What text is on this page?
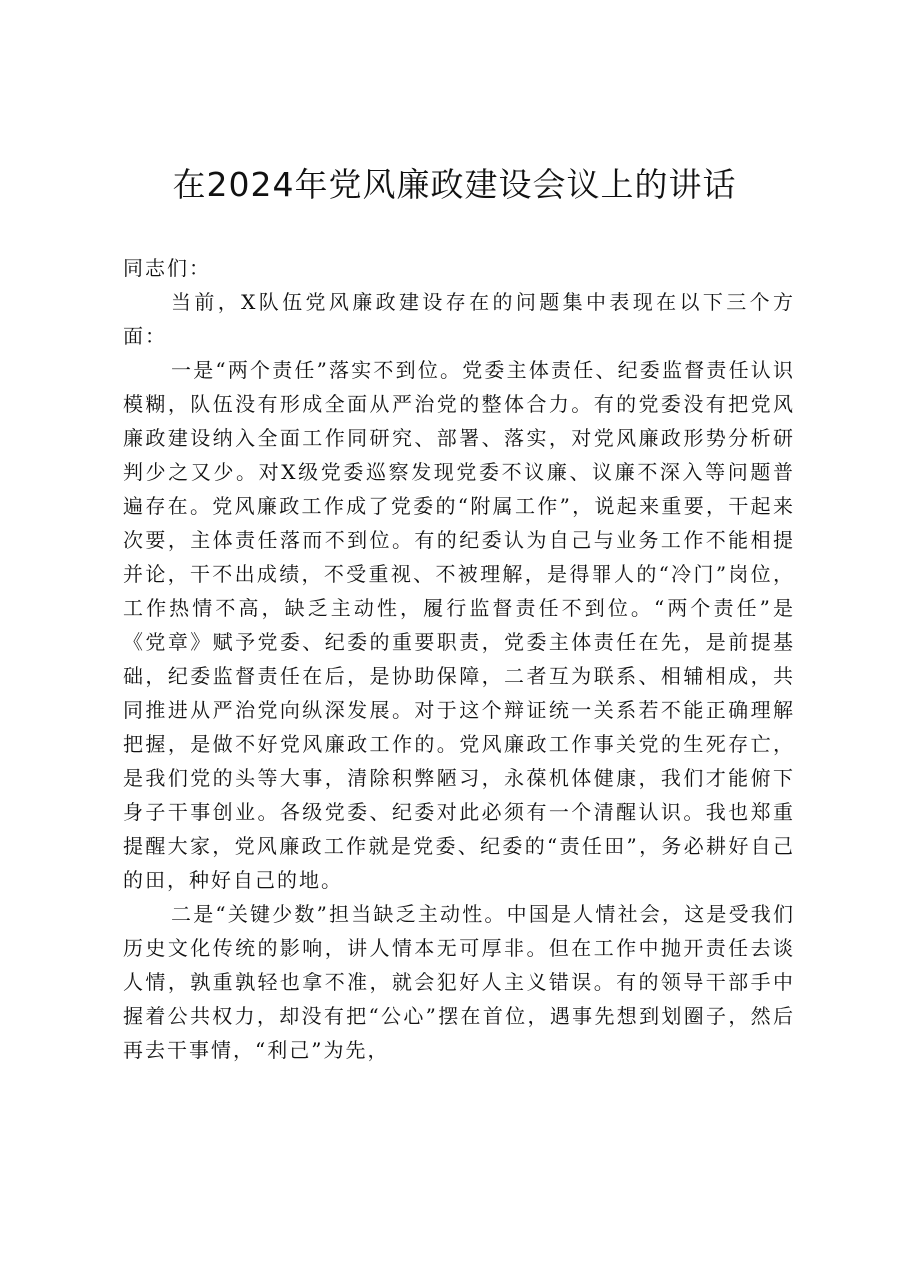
在2024年党风廉政建设会议上的讲话

同志们：

当前，X队伍党风廉政建设存在的问题集中表现在以下三个方面：

一是“两个责任”落实不到位。党委主体责任、纪委监督责任认识模糊，队伍没有形成全面从严治党的整体合力。有的党委没有把党风廉政建设纳入全面工作同研究、部署、落实，对党风廉政形势分析研判少之又少。对X级党委巡察发现党委不议廉、议廉不深入等问题普遍存在。党风廉政工作成了党委的“附属工作”，说起来重要，干起来次要，主体责任落而不到位。有的纪委认为自己与业务工作不能相提并论，干不出成绩，不受重视、不被理解，是得罪人的“冷门”岗位，工作热情不高，缺乏主动性，履行监督责任不到位。“两个责任”是《党章》赋予党委、纪委的重要职责，党委主体责任在先，是前提基础，纪委监督责任在后，是协助保障，二者互为联系、相辅相成，共同推进从严治党向纵深发展。对于这个辩证统一关系若不能正确理解把握，是做不好党风廉政工作的。党风廉政工作事关党的生死存亡，是我们党的头等大事，清除积弊陋习，永葆机体健康，我们才能俯下身子干事创业。各级党委、纪委对此必须有一个清醒认识。我也郑重提醒大家，党风廉政工作就是党委、纪委的“责任田”，务必耕好自己的田，种好自己的地。

二是“关键少数”担当缺乏主动性。中国是人情社会，这是受我们历史文化传统的影响，讲人情本无可厚非。但在工作中抛开责任去谈人情，孰重孰轻也拿不准，就会犯好人主义错误。有的领导干部手中握着公共权力，却没有把“公心”摆在首位，遇事先想到划圈子，然后再去干事情，“利己”为先，
